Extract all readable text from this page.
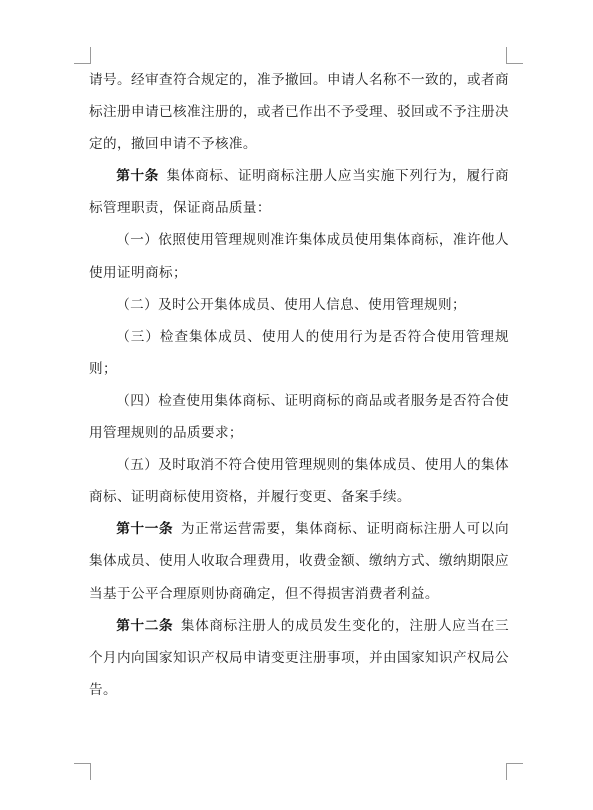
请号。经审查符合规定的，准予撤回。申请人名称不一致的，或者商标注册申请已核准注册的，或者已作出不予受理、驳回或不予注册决定的，撤回申请不予核准。

第十条  集体商标、证明商标注册人应当实施下列行为，履行商标管理职责，保证商品质量：

（一）依照使用管理规则准许集体成员使用集体商标，准许他人使用证明商标；

（二）及时公开集体成员、使用人信息、使用管理规则；

（三）检查集体成员、使用人的使用行为是否符合使用管理规则；

（四）检查使用集体商标、证明商标的商品或者服务是否符合使用管理规则的品质要求；

（五）及时取消不符合使用管理规则的集体成员、使用人的集体商标、证明商标使用资格，并履行变更、备案手续。

第十一条  为正常运营需要，集体商标、证明商标注册人可以向集体成员、使用人收取合理费用，收费金额、缴纳方式、缴纳期限应当基于公平合理原则协商确定，但不得损害消费者利益。

第十二条  集体商标注册人的成员发生变化的，注册人应当在三个月内向国家知识产权局申请变更注册事项，并由国家知识产权局公告。
